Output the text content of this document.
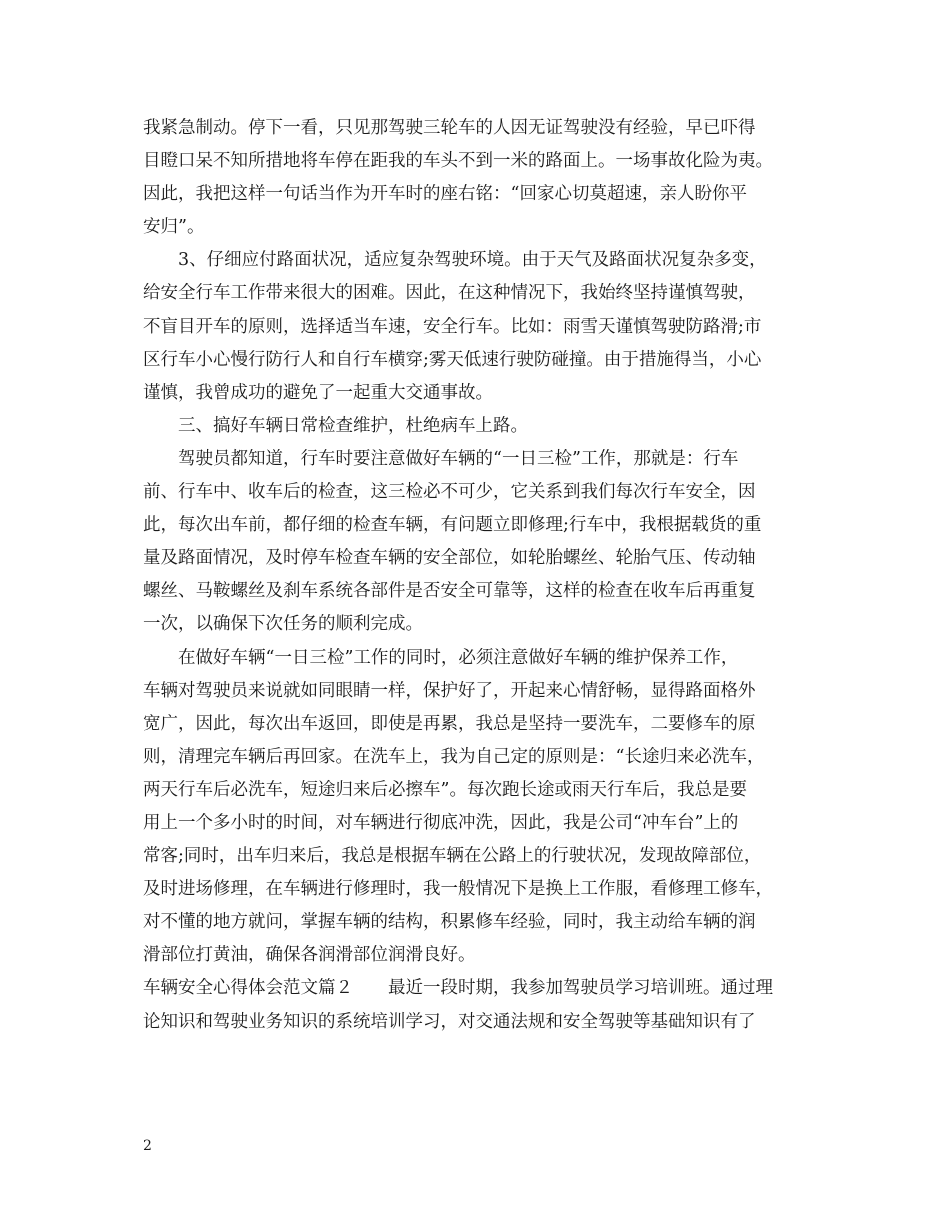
我紧急制动。停下一看，只见那驾驶三轮车的人因无证驾驶没有经验，早已吓得
目瞪口呆不知所措地将车停在距我的车头不到一米的路面上。一场事故化险为夷。
因此，我把这样一句话当作为开车时的座右铭：“回家心切莫超速，亲人盼你平
安归”。
3、仔细应付路面状况，适应复杂驾驶环境。由于天气及路面状况复杂多变，
给安全行车工作带来很大的困难。因此，在这种情况下，我始终坚持谨慎驾驶，
不盲目开车的原则，选择适当车速，安全行车。比如：雨雪天谨慎驾驶防路滑;市
区行车小心慢行防行人和自行车横穿;雾天低速行驶防碰撞。由于措施得当，小心
谨慎，我曾成功的避免了一起重大交通事故。
三、搞好车辆日常检查维护，杜绝病车上路。
驾驶员都知道，行车时要注意做好车辆的“一日三检”工作，那就是：行车
前、行车中、收车后的检查，这三检必不可少，它关系到我们每次行车安全，因
此，每次出车前，都仔细的检查车辆，有问题立即修理;行车中，我根据载货的重
量及路面情况，及时停车检查车辆的安全部位，如轮胎螺丝、轮胎气压、传动轴
螺丝、马鞍螺丝及刹车系统各部件是否安全可靠等，这样的检查在收车后再重复
一次，以确保下次任务的顺利完成。
在做好车辆“一日三检”工作的同时，必须注意做好车辆的维护保养工作，
车辆对驾驶员来说就如同眼睛一样，保护好了，开起来心情舒畅，显得路面格外
宽广，因此，每次出车返回，即使是再累，我总是坚持一要洗车，二要修车的原
则，清理完车辆后再回家。在洗车上，我为自己定的原则是：“长途归来必洗车，
两天行车后必洗车，短途归来后必擦车”。每次跑长途或雨天行车后，我总是要
用上一个多小时的时间，对车辆进行彻底冲洗，因此，我是公司“冲车台”上的
常客;同时，出车归来后，我总是根据车辆在公路上的行驶状况，发现故障部位，
及时进场修理，在车辆进行修理时，我一般情况下是换上工作服，看修理工修车，
对不懂的地方就问，掌握车辆的结构，积累修车经验，同时，我主动给车辆的润
滑部位打黄油，确保各润滑部位润滑良好。
车辆安全心得体会范文篇２　　最近一段时期，我参加驾驶员学习培训班。通过理
论知识和驾驶业务知识的系统培训学习，对交通法规和安全驾驶等基础知识有了
2
